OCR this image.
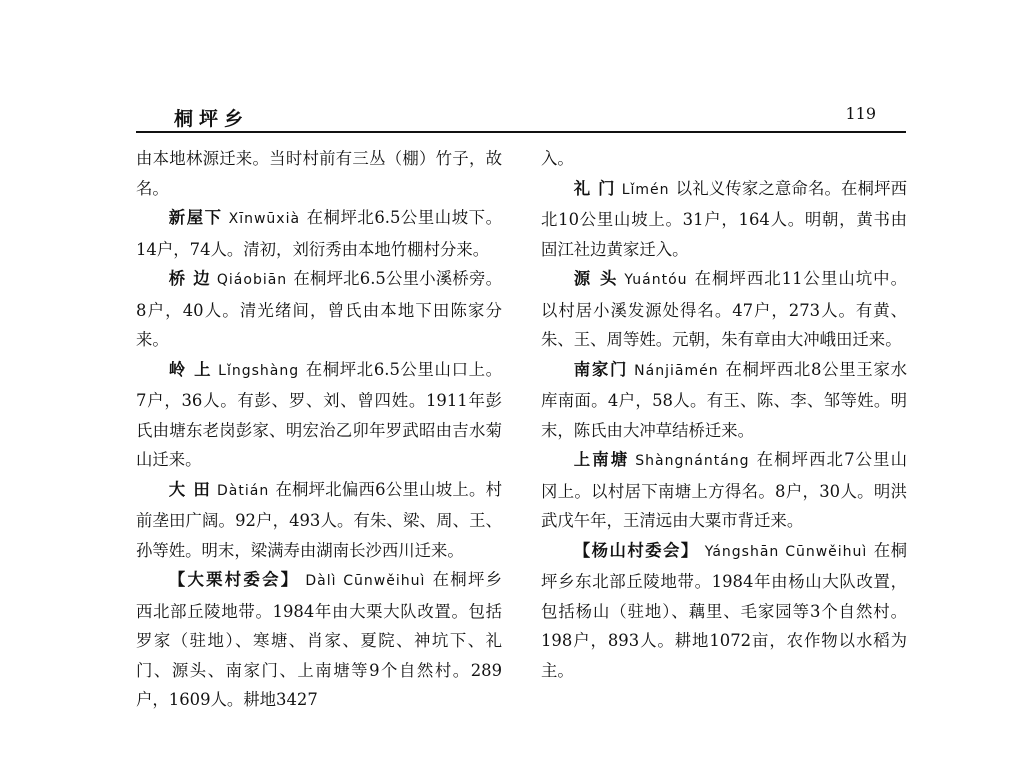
桐坪乡	119

由本地林源迁来。当时村前有三丛（棚）竹子，故名。

新屋下 Xīnwūxià 在桐坪北6.5公里山坡下。14户，74人。清初，刘衍秀由本地竹棚村分来。

桥 边 Qiáobiān 在桐坪北6.5公里小溪桥旁。8户，40人。清光绪间，曾氏由本地下田陈家分来。

岭 上 Lǐngshàng 在桐坪北6.5公里山口上。7户，36人。有彭、罗、刘、曾四姓。1911年彭氏由塘东老岗彭家、明宏治乙卯年罗武昭由吉水菊山迁来。

大 田 Dàtián 在桐坪北偏西6公里山坡上。村前垄田广阔。92户，493人。有朱、梁、周、王、孙等姓。明末，梁满寿由湖南长沙西川迁来。

【大栗村委会】 Dàlì Cūnwěihuì 在桐坪乡西北部丘陵地带。1984年由大栗大队改置。包括罗家（驻地）、寒塘、肖家、夏院、神坑下、礼门、源头、南家门、上南塘等9个自然村。289户，1609人。耕地3427

入。

礼 门 Lǐmén 以礼义传家之意命名。在桐坪西北10公里山坡上。31户，164人。明朝，黄书由固江社边黄家迁入。

源 头 Yuántóu 在桐坪西北11公里山坑中。以村居小溪发源处得名。47户，273人。有黄、朱、王、周等姓。元朝，朱有章由大冲峨田迁来。

南家门 Nánjiāmén 在桐坪西北8公里王家水库南面。4户，58人。有王、陈、李、邹等姓。明末，陈氏由大冲草结桥迁来。

上南塘 Shàngnántáng 在桐坪西北7公里山冈上。以村居下南塘上方得名。8户，30人。明洪武戊午年，王清远由大粟市背迁来。

【杨山村委会】 Yángshān Cūnwěihuì 在桐坪乡东北部丘陵地带。1984年由杨山大队改置，包括杨山（驻地）、藕里、毛家园等3个自然村。198户，893人。耕地1072亩，农作物以水稻为主。
